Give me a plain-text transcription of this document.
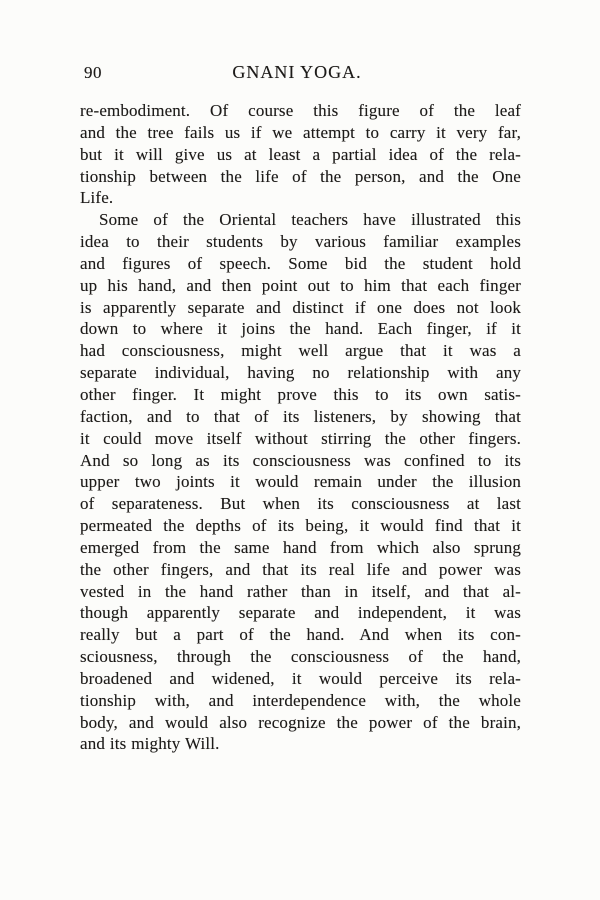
90	GNANI YOGA.
re-embodiment. Of course this figure of the leaf
and the tree fails us if we attempt to carry it very far,
but it will give us at least a partial idea of the rela-
tionship between the life of the person, and the One
Life.
Some of the Oriental teachers have illustrated this
idea to their students by various familiar examples
and figures of speech. Some bid the student hold
up his hand, and then point out to him that each finger
is apparently separate and distinct if one does not look
down to where it joins the hand. Each finger, if it
had consciousness, might well argue that it was a
separate individual, having no relationship with any
other finger. It might prove this to its own satis-
faction, and to that of its listeners, by showing that
it could move itself without stirring the other fingers.
And so long as its consciousness was confined to its
upper two joints it would remain under the illusion
of separateness. But when its consciousness at last
permeated the depths of its being, it would find that it
emerged from the same hand from which also sprung
the other fingers, and that its real life and power was
vested in the hand rather than in itself, and that al-
though apparently separate and independent, it was
really but a part of the hand. And when its con-
sciousness, through the consciousness of the hand,
broadened and widened, it would perceive its rela-
tionship with, and interdependence with, the whole
body, and would also recognize the power of the brain,
and its mighty Will.
